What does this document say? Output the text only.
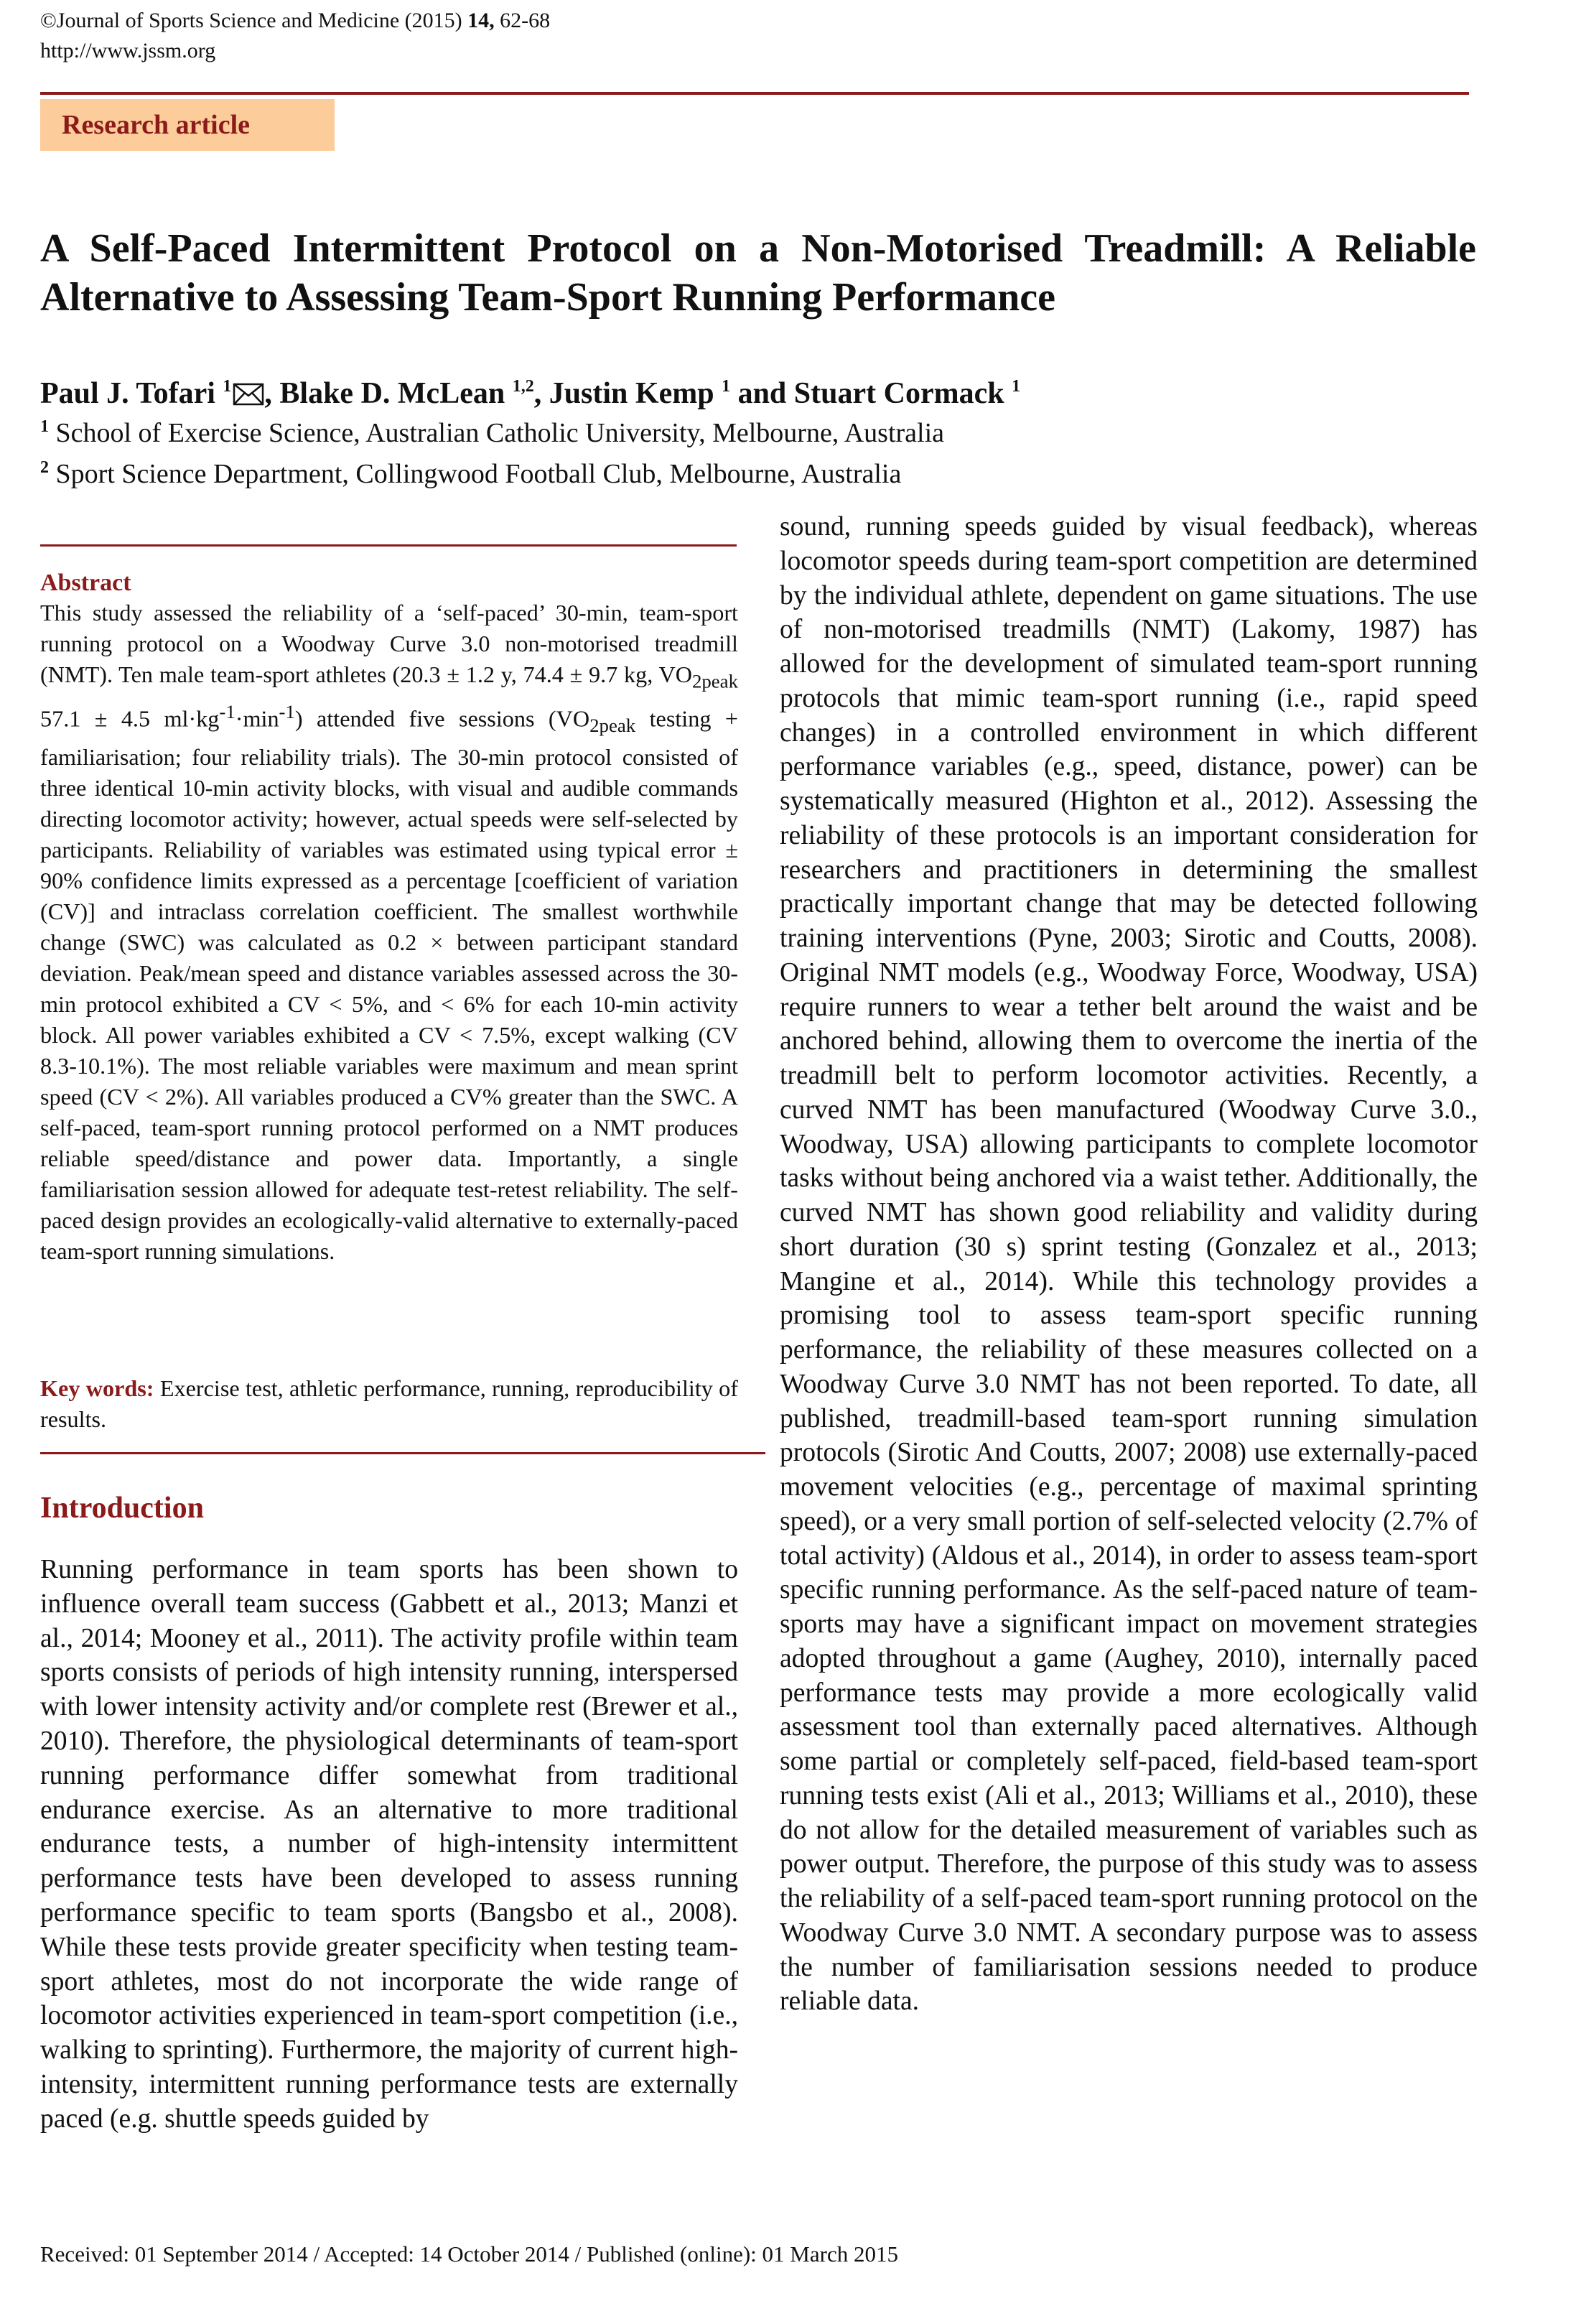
©Journal of Sports Science and Medicine (2015) 14, 62-68
http://www.jssm.org
Research article
A Self-Paced Intermittent Protocol on a Non-Motorised Treadmill: A Reliable Alternative to Assessing Team-Sport Running Performance
Paul J. Tofari $^1$ , Blake D. McLean $^{1,2}$, Justin Kemp $^1$ and Stuart Cormack $^1$
$^1$ School of Exercise Science, Australian Catholic University, Melbourne, Australia
$^2$ Sport Science Department, Collingwood Football Club, Melbourne, Australia
Abstract

This study assessed the reliability of a ‘self-paced’ 30-min, team-sport running protocol on a Woodway Curve 3.0 non-motorised treadmill (NMT). Ten male team-sport athletes (20.3 ± 1.2 y, 74.4 ± 9.7 kg, $VO_{2peak}$ 57.1 ± 4.5 $ml\cdot kg^{-1}\cdot\min^{-1}$) attended five sessions ($VO_{2peak}$ testing + familiarisation; four reliability trials). The 30-min protocol consisted of three identical 10-min activity blocks, with visual and audible commands directing locomotor activity; however, actual speeds were self-selected by participants. Reliability of variables was estimated using typical error ± 90% confidence limits expressed as a percentage [coefficient of variation (CV)] and intraclass correlation coefficient. The smallest worthwhile change (SWC) was calculated as 0.2 × between participant standard deviation. Peak/mean speed and distance variables assessed across the 30-min protocol exhibited a CV < 5%, and < 6% for each 10-min activity block. All power variables exhibited a CV < 7.5%, except walking (CV 8.3-10.1%). The most reliable variables were maximum and mean sprint speed (CV < 2%). All variables produced a CV% greater than the SWC. A self-paced, team-sport running protocol performed on a NMT produces reliable speed/distance and power data. Importantly, a single familiarisation session allowed for adequate test-retest reliability. The self-paced design provides an ecologically-valid alternative to externally-paced team-sport running simulations.

Key words: Exercise test, athletic performance, running, reproducibility of results.

Introduction

Running performance in team sports has been shown to influence overall team success (Gabbett et al., 2013; Manzi et al., 2014; Mooney et al., 2011). The activity profile within team sports consists of periods of high intensity running, interspersed with lower intensity activity and/or complete rest (Brewer et al., 2010). Therefore, the physiological determinants of team-sport running performance differ somewhat from traditional endurance exercise. As an alternative to more traditional endurance tests, a number of high-intensity intermittent performance tests have been developed to assess running performance specific to team sports (Bangsbo et al., 2008). While these tests provide greater specificity when testing team-sport athletes, most do not incorporate the wide range of locomotor activities experienced in team-sport competition (i.e., walking to sprinting). Furthermore, the majority of current high-intensity, intermittent running performance tests are externally paced (e.g. shuttle speeds guided by

sound, running speeds guided by visual feedback), whereas locomotor speeds during team-sport competition are determined by the individual athlete, dependent on game situations. The use of non-motorised treadmills (NMT) (Lakomy, 1987) has allowed for the development of simulated team-sport running protocols that mimic team-sport running (i.e., rapid speed changes) in a controlled environment in which different performance variables (e.g., speed, distance, power) can be systematically measured (Highton et al., 2012). Assessing the reliability of these protocols is an important consideration for researchers and practitioners in determining the smallest practically important change that may be detected following training interventions (Pyne, 2003; Sirotic and Coutts, 2008). Original NMT models (e.g., Woodway Force, Woodway, USA) require runners to wear a tether belt around the waist and be anchored behind, allowing them to overcome the inertia of the treadmill belt to perform locomotor activities. Recently, a curved NMT has been manufactured (Woodway Curve 3.0., Woodway, USA) allowing participants to complete locomotor tasks without being anchored via a waist tether. Additionally, the curved NMT has shown good reliability and validity during short duration (30 s) sprint testing (Gonzalez et al., 2013; Mangine et al., 2014). While this technology provides a promising tool to assess team-sport specific running performance, the reliability of these measures collected on a Woodway Curve 3.0 NMT has not been reported. To date, all published, treadmill-based team-sport running simulation protocols (Sirotic And Coutts, 2007; 2008) use externally-paced movement velocities (e.g., percentage of maximal sprinting speed), or a very small portion of self-selected velocity (2.7% of total activity) (Aldous et al., 2014), in order to assess team-sport specific running performance. As the self-paced nature of team-sports may have a significant impact on movement strategies adopted throughout a game (Aughey, 2010), internally paced performance tests may provide a more ecologically valid assessment tool than externally paced alternatives. Although some partial or completely self-paced, field-based team-sport running tests exist (Ali et al., 2013; Williams et al., 2010), these do not allow for the detailed measurement of variables such as power output. Therefore, the purpose of this study was to assess the reliability of a self-paced team-sport running protocol on the Woodway Curve 3.0 NMT. A secondary purpose was to assess the number of familiarisation sessions needed to produce reliable data.

Received: 01 September 2014 / Accepted: 14 October 2014 / Published (online): 01 March 2015
